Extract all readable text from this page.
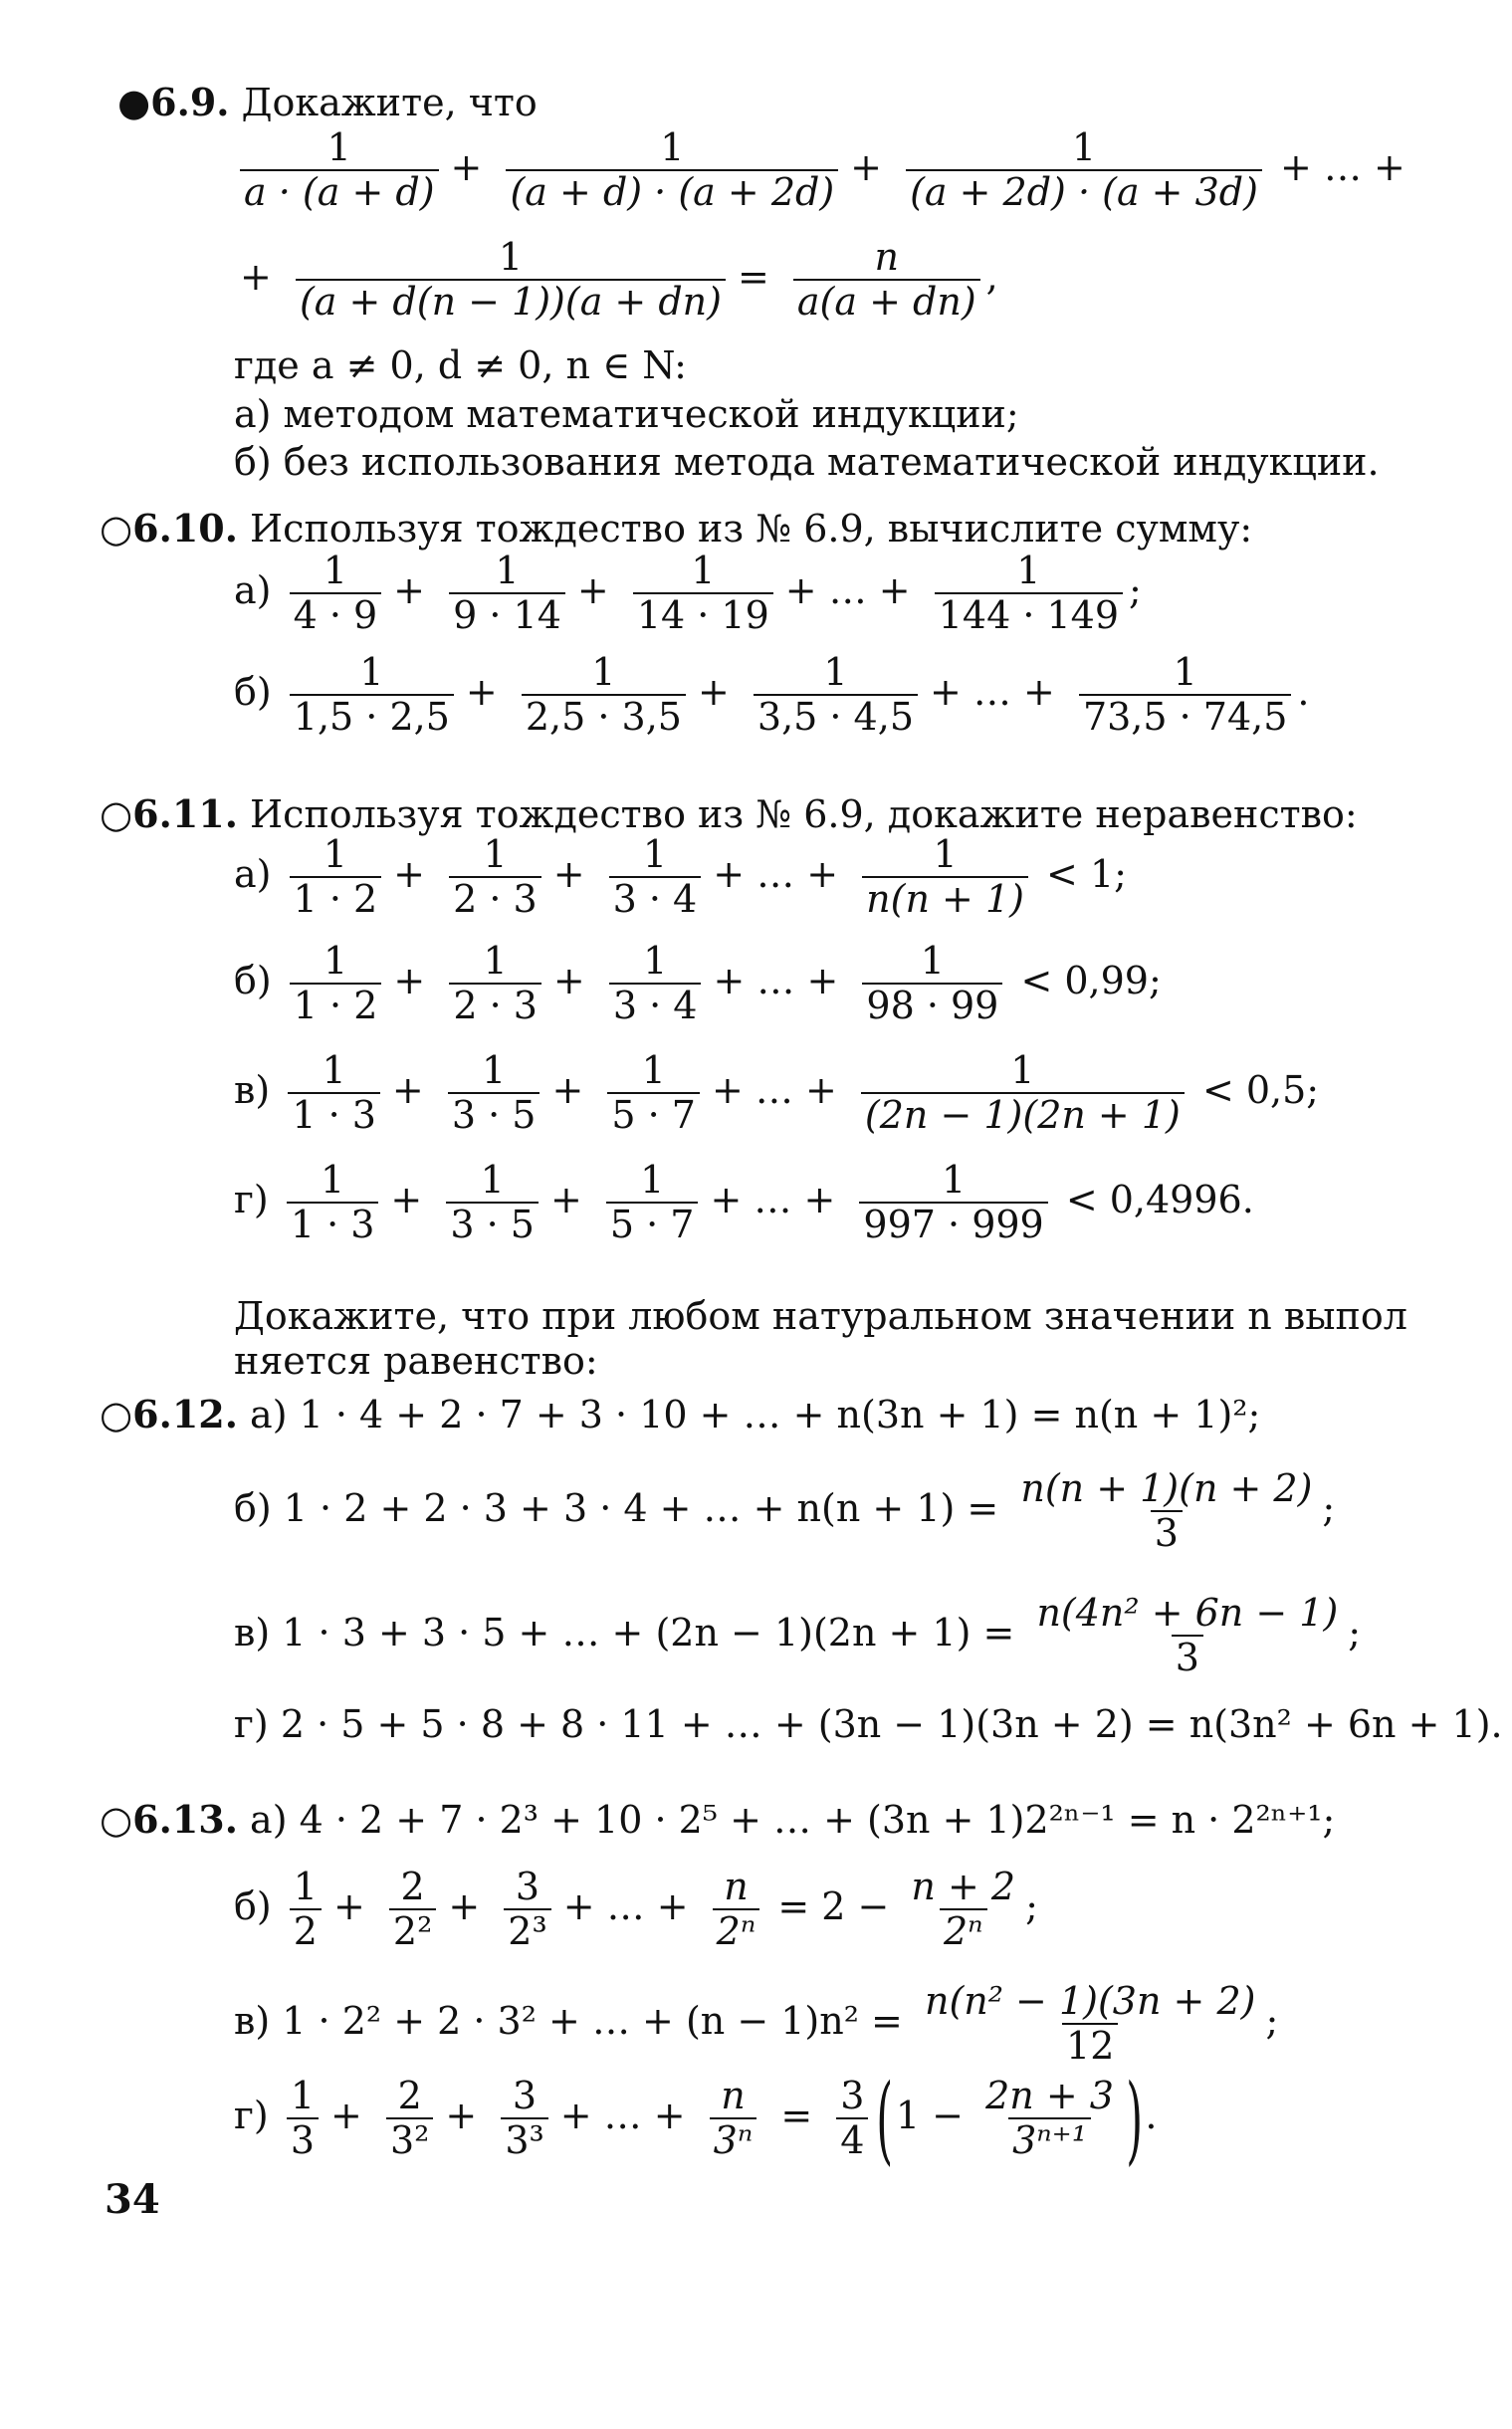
●6.9. Докажите, что
$\frac{1}{a \cdot (a + d)} + \frac{1}{(a + d) \cdot (a + 2d)} + \frac{1}{(a + 2d) \cdot (a + 3d)}$ + … +
+ $\frac{1}{(a + d(n - 1))(a + dn)} = \frac{n}{a(a + dn)}$ ,
где a ≠ 0, d ≠ 0, n ∈ N:
а) методом математической индукции;
б) без использования метода математической индукции.
○6.10. Используя тождество из № 6.9, вычислите сумму:
$а) \frac{1}{4 \cdot 9} + \frac{1}{9 \cdot 14} + \frac{1}{14 \cdot 19}$ + … + $\frac{1}{144 \cdot 149}$ ;
$б) \frac{1}{1,5 \cdot 2,5} + \frac{1}{2,5 \cdot 3,5} + \frac{1}{3,5 \cdot 4,5}$ + … + $\frac{1}{73,5 \cdot 74,5}$ .
○6.11. Используя тождество из № 6.9, докажите неравенство:
$а) \frac{1}{1 \cdot 2} + \frac{1}{2 \cdot 3} + \frac{1}{3 \cdot 4}$ + … + $\frac{1}{n(n + 1)} < 1$;
$б) \frac{1}{1 \cdot 2} + \frac{1}{2 \cdot 3} + \frac{1}{3 \cdot 4}$ + … + $\frac{1}{98 \cdot 99} < 0,99$;
$в) \frac{1}{1 \cdot 3} + \frac{1}{3 \cdot 5} + \frac{1}{5 \cdot 7}$ + … + $\frac{1}{(2n - 1)(2n + 1)} < 0,5$;
$г) \frac{1}{1 \cdot 3} + \frac{1}{3 \cdot 5} + \frac{1}{5 \cdot 7}$ + … + $\frac{1}{997 \cdot 999} < 0,4996$.
Докажите, что при любом натуральном значении n выпол
няется равенство:
○6.12. а) 1 · 4 + 2 · 7 + 3 · 10 + … + n(3n + 1) = n(n + 1)²;
б) 1 · 2 + 2 · 3 + 3 · 4 + … + $n(n + 1) = \frac{n(n + 1)(n + 2)}{3}$ ;
в) 1 · 3 + 3 · 5 + … + $(2n - 1)(2n + 1) = \frac{\text{n(4n² + 6n − 1)}}{3}$ ;
г) 2 · 5 + 5 · 8 + 8 · 11 + … + (3n − 1)(3n + 2) = n(3n² + 6n + 1).
○6.13. а) 4 · 2 + 7 · 2³ + 10 · 2⁵ + … + (3n + 1)2²ⁿ⁻¹ = n · 2²ⁿ⁺¹;
$б) \frac{1}{2} + \frac{2}{\text{2²}} + \frac{3}{\text{2³}}$ + … + $\frac{n}{\text{2ⁿ}} = 2 - \frac{n + 2}{\text{2ⁿ}}$ ;
в) 1 · 2² + 2 · 3² + … + $(n - 1)n^2 = \frac{\text{n(n² − 1)(3n + 2)}}{12}$ ;
$г) \frac{1}{3} + \frac{2}{\text{3²}} + \frac{3}{\text{3³}}$ + … + $\frac{n}{\text{3ⁿ}} = \frac{3}{4} (1 - \frac{2n + 3}{\text{3ⁿ⁺¹}}$ ).
34
